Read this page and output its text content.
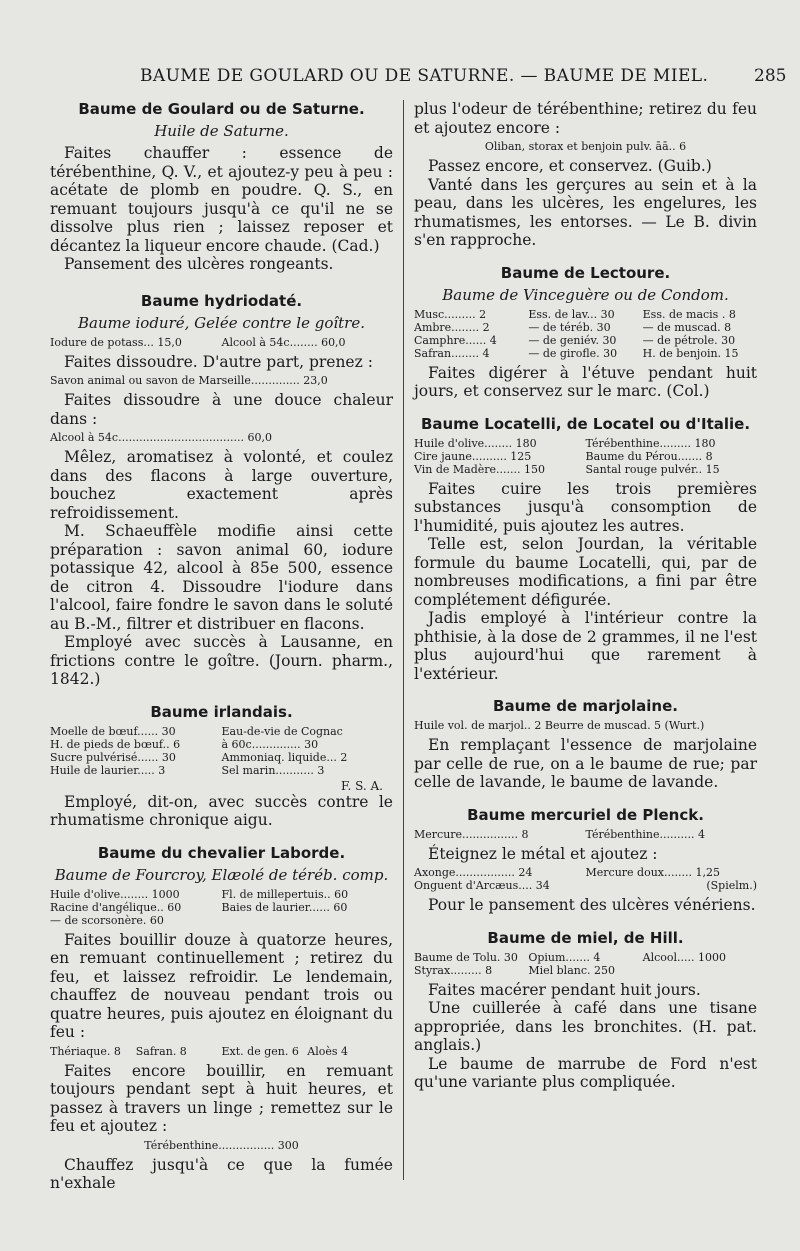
BAUME DE GOULARD OU DE SATURNE. — BAUME DE MIEL.	285
Baume de Goulard ou de Saturne.
Huile de Saturne.

Faites chauffer : essence de térébenthine, Q. V., et ajoutez-y peu à peu : acétate de plomb en poudre. Q. S., en remuant toujours jusqu'à ce qu'il ne se dissolve plus rien ; laissez reposer et décantez la liqueur encore chaude. (Cad.)

Pansement des ulcères rongeants.

Baume hydriodaté.
Baume ioduré, Gelée contre le goître.
Iodure de potass... 15,0	Alcool à 54c........ 60,0

Faites dissoudre. D'autre part, prenez :

Savon animal ou savon de Marseille.............. 23,0

Faites dissoudre à une douce chaleur dans :

Alcool à 54c.................................... 60,0

Mêlez, aromatisez à volonté, et coulez dans des flacons à large ouverture, bouchez exactement après refroidissement.

M. Schaeuffèle modifie ainsi cette préparation : savon animal 60, iodure potassique 42, alcool à 85e 500, essence de citron 4. Dissoudre l'iodure dans l'alcool, faire fondre le savon dans le soluté au B.-M., filtrer et distribuer en flacons.

Employé avec succès à Lausanne, en frictions contre le goître. (Journ. pharm., 1842.)

Baume irlandais.
Moelle de bœuf...... 30	Eau-de-vie de Cognac
H. de pieds de bœuf.. 6	à 60c.............. 30
Sucre pulvérisé...... 30	Ammoniaq. liquide... 2
Huile de laurier..... 3	Sel marin........... 3
F. S. A.

Employé, dit-on, avec succès contre le rhumatisme chronique aigu.

Baume du chevalier Laborde.
Baume de Fourcroy, Elæolé de téréb. comp.
Huile d'olive........ 1000	Fl. de millepertuis.. 60
Racine d'angélique.. 60	Baies de laurier...... 60
— de scorsonère. 60

Faites bouillir douze à quatorze heures, en remuant continuellement ; retirez du feu, et laissez refroidir. Le lendemain, chauffez de nouveau pendant trois ou quatre heures, puis ajoutez en éloignant du feu :

Thériaque. 8	Safran. 8	Ext. de gen. 6 Aloès 4

Faites encore bouillir, en remuant toujours pendant sept à huit heures, et passez à travers un linge ; remettez sur le feu et ajoutez :

Térébenthine................ 300

Chauffez jusqu'à ce que la fumée n'exhale

plus l'odeur de térébenthine; retirez du feu et ajoutez encore :

Oliban, storax et benjoin pulv. āā.. 6

Passez encore, et conservez. (Guib.)

Vanté dans les gerçures au sein et à la peau, dans les ulcères, les engelures, les rhumatismes, les entorses. — Le B. divin s'en rapproche.

Baume de Lectoure.
Baume de Vinceguère ou de Condom.
Musc......... 2	Ess. de lav... 30	Ess. de macis . 8
Ambre........ 2	— de téréb. 30	— de muscad. 8
Camphre...... 4	— de geniév. 30	— de pétrole. 30
Safran........ 4	— de girofle. 30	H. de benjoin. 15

Faites digérer à l'étuve pendant huit jours, et conservez sur le marc. (Col.)

Baume Locatelli, de Locatel ou d'Italie.
Huile d'olive........ 180	Térébenthine......... 180
Cire jaune.......... 125	Baume du Pérou....... 8
Vin de Madère....... 150	Santal rouge pulvér.. 15

Faites cuire les trois premières substances jusqu'à consomption de l'humidité, puis ajoutez les autres.

Telle est, selon Jourdan, la véritable formule du baume Locatelli, qui, par de nombreuses modifications, a fini par être complétement défigurée.

Jadis employé à l'intérieur contre la phthisie, à la dose de 2 grammes, il ne l'est plus aujourd'hui que rarement à l'extérieur.

Baume de marjolaine.
Huile vol. de marjol.. 2 Beurre de muscad. 5 (Wurt.)

En remplaçant l'essence de marjolaine par celle de rue, on a le baume de rue; par celle de lavande, le baume de lavande.

Baume mercuriel de Plenck.
Mercure................ 8	Térébenthine.......... 4

Éteignez le métal et ajoutez :

Axonge................. 24	Mercure doux........ 1,25
Onguent d'Arcæus.... 34	(Spielm.)

Pour le pansement des ulcères vénériens.

Baume de miel, de Hill.
Baume de Tolu. 30 Opium....... 4	Alcool..... 1000
Styrax......... 8	Miel blanc. 250

Faites macérer pendant huit jours.

Une cuillerée à café dans une tisane appropriée, dans les bronchites. (H. pat. anglais.)

Le baume de marrube de Ford n'est qu'une variante plus compliquée.
